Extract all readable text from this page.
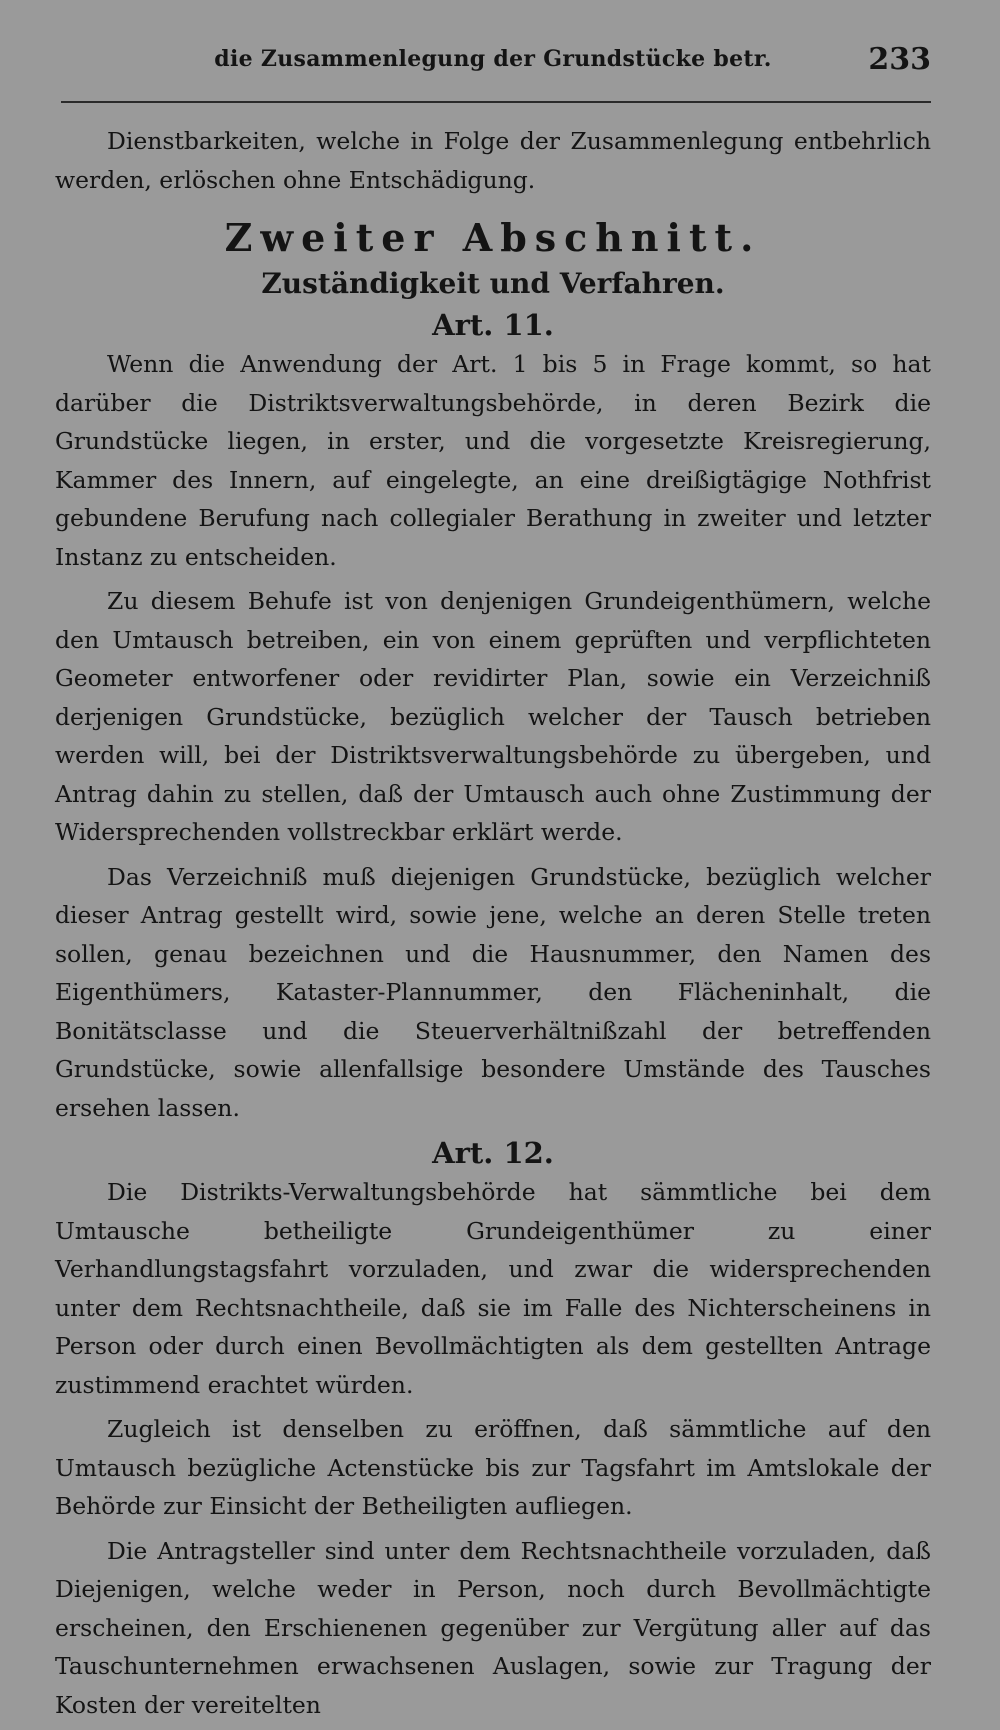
die Zusammenlegung der Grundstücke betr.	233

Dienstbarkeiten, welche in Folge der Zusammenlegung entbehrlich werden, erlöschen ohne Entschädigung.

Zweiter Abschnitt.
Zuständigkeit und Verfahren.
Art. 11.

Wenn die Anwendung der Art. 1 bis 5 in Frage kommt, so hat darüber die Distriktsverwaltungsbehörde, in deren Bezirk die Grundstücke liegen, in erster, und die vorgesetzte Kreisregierung, Kammer des Innern, auf eingelegte, an eine dreißigtägige Nothfrist gebundene Berufung nach collegialer Berathung in zweiter und letzter Instanz zu entscheiden.

Zu diesem Behufe ist von denjenigen Grundeigenthümern, welche den Umtausch betreiben, ein von einem geprüften und verpflichteten Geometer entworfener oder revidirter Plan, sowie ein Verzeichniß derjenigen Grundstücke, bezüglich welcher der Tausch betrieben werden will, bei der Distriktsverwaltungsbehörde zu übergeben, und Antrag dahin zu stellen, daß der Umtausch auch ohne Zustimmung der Widersprechenden vollstreckbar erklärt werde.

Das Verzeichniß muß diejenigen Grundstücke, bezüglich welcher dieser Antrag gestellt wird, sowie jene, welche an deren Stelle treten sollen, genau bezeichnen und die Hausnummer, den Namen des Eigenthümers, Kataster-Plannummer, den Flächeninhalt, die Bonitätsclasse und die Steuerverhältnißzahl der betreffenden Grundstücke, sowie allenfallsige besondere Umstände des Tausches ersehen lassen.

Art. 12.

Die Distrikts-Verwaltungsbehörde hat sämmtliche bei dem Umtausche betheiligte Grundeigenthümer zu einer Verhandlungstagsfahrt vorzuladen, und zwar die widersprechenden unter dem Rechtsnachtheile, daß sie im Falle des Nichterscheinens in Person oder durch einen Bevollmächtigten als dem gestellten Antrage zustimmend erachtet würden.

Zugleich ist denselben zu eröffnen, daß sämmtliche auf den Umtausch bezügliche Actenstücke bis zur Tagsfahrt im Amtslokale der Behörde zur Einsicht der Betheiligten aufliegen.

Die Antragsteller sind unter dem Rechtsnachtheile vorzuladen, daß Diejenigen, welche weder in Person, noch durch Bevollmächtigte erscheinen, den Erschienenen gegenüber zur Vergütung aller auf das Tauschunternehmen erwachsenen Auslagen, sowie zur Tragung der Kosten der vereitelten
